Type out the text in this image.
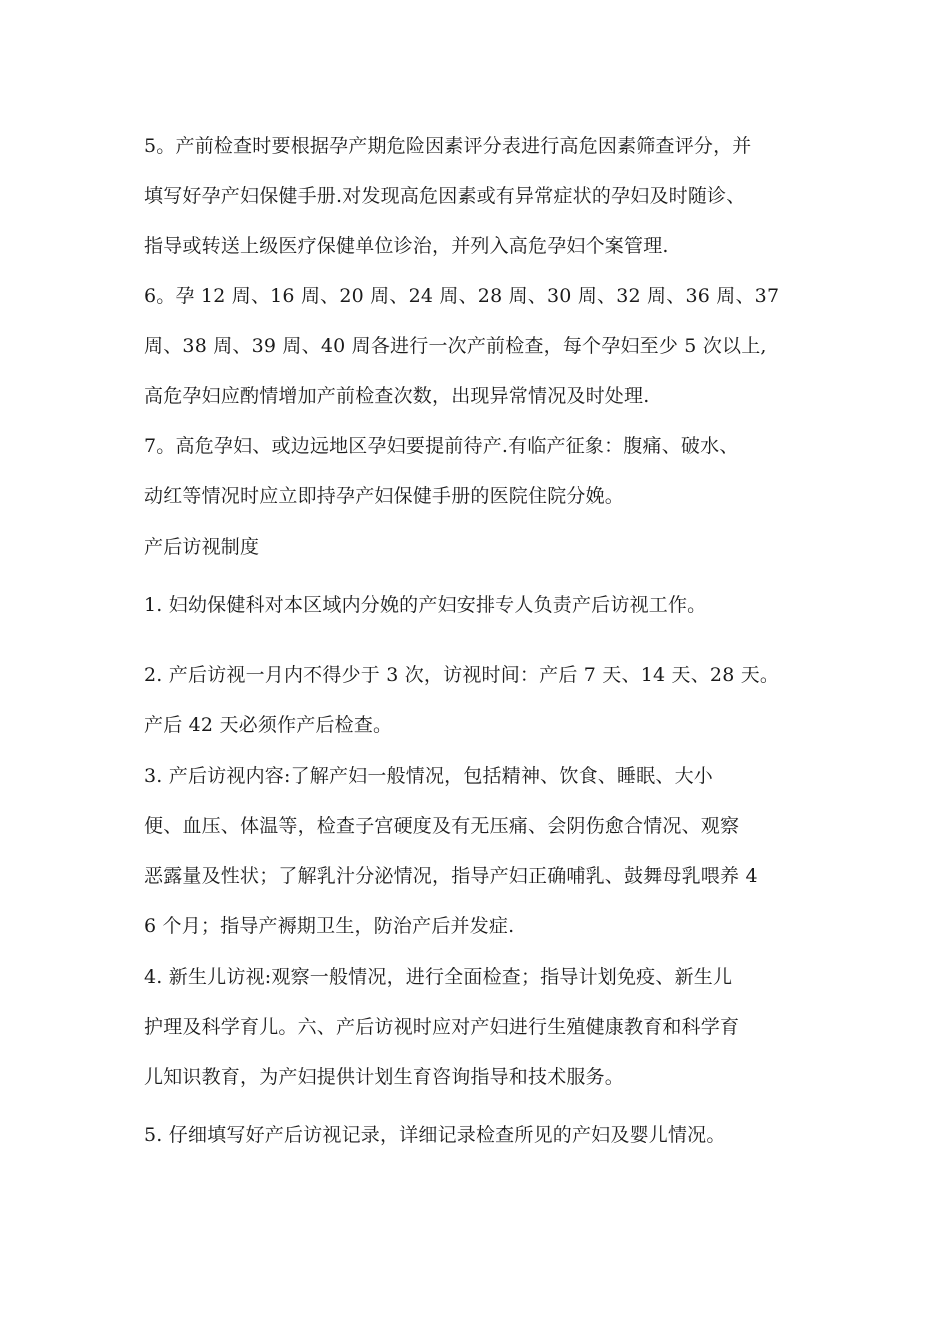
5。产前检查时要根据孕产期危险因素评分表进行高危因素筛查评分，并
填写好孕产妇保健手册.对发现高危因素或有异常症状的孕妇及时随诊、
指导或转送上级医疗保健单位诊治，并列入高危孕妇个案管理.
6。孕 12 周、16 周、20 周、24 周、28 周、30 周、32 周、36 周、37
周、38 周、39 周、40 周各进行一次产前检查，每个孕妇至少 5 次以上,
高危孕妇应酌情增加产前检查次数，出现异常情况及时处理.
7。高危孕妇、或边远地区孕妇要提前待产.有临产征象：腹痛、破水、
动红等情况时应立即持孕产妇保健手册的医院住院分娩。
产后访视制度
1. 妇幼保健科对本区域内分娩的产妇安排专人负责产后访视工作。
2. 产后访视一月内不得少于 3 次，访视时间：产后 7 天、14 天、28 天。
产后 42 天必须作产后检查。
3. 产后访视内容:了解产妇一般情况，包括精神、饮食、睡眠、大小
便、血压、体温等，检查子宫硬度及有无压痛、会阴伤愈合情况、观察
恶露量及性状；了解乳汁分泌情况，指导产妇正确哺乳、鼓舞母乳喂养 4
6 个月；指导产褥期卫生，防治产后并发症.
4. 新生儿访视:观察一般情况，进行全面检查；指导计划免疫、新生儿
护理及科学育儿。六、产后访视时应对产妇进行生殖健康教育和科学育
儿知识教育，为产妇提供计划生育咨询指导和技术服务。
5. 仔细填写好产后访视记录，详细记录检查所见的产妇及婴儿情况。
